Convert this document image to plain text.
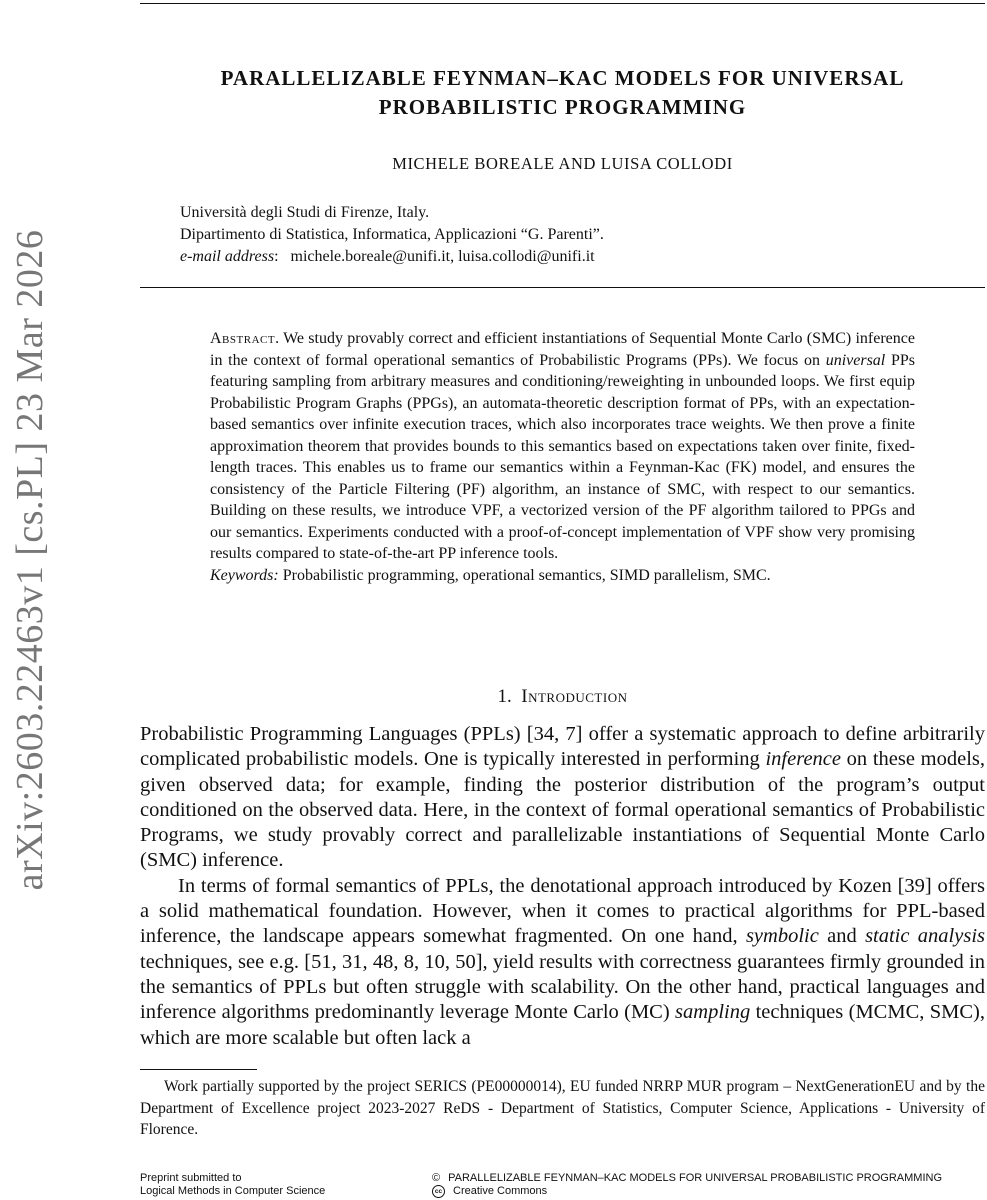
arXiv:2603.22463v1 [cs.PL] 23 Mar 2026
PARALLELIZABLE FEYNMAN–KAC MODELS FOR UNIVERSAL
PROBABILISTIC PROGRAMMING
MICHELE BOREALE AND LUISA COLLODI
Università degli Studi di Firenze, Italy.
Dipartimento di Statistica, Informatica, Applicazioni “G. Parenti”.
e-mail address:   michele.boreale@unifi.it, luisa.collodi@unifi.it
Abstract. We study provably correct and efficient instantiations of Sequential Monte Carlo (SMC) inference in the context of formal operational semantics of Probabilistic Programs (PPs). We focus on universal PPs featuring sampling from arbitrary measures and conditioning/reweighting in unbounded loops. We first equip Probabilistic Program Graphs (PPGs), an automata-theoretic description format of PPs, with an expectation-based semantics over infinite execution traces, which also incorporates trace weights. We then prove a finite approximation theorem that provides bounds to this semantics based on expectations taken over finite, fixed-length traces. This enables us to frame our semantics within a Feynman-Kac (FK) model, and ensures the consistency of the Particle Filtering (PF) algorithm, an instance of SMC, with respect to our semantics. Building on these results, we introduce VPF, a vectorized version of the PF algorithm tailored to PPGs and our semantics. Experiments conducted with a proof-of-concept implementation of VPF show very promising results compared to state-of-the-art PP inference tools.
Keywords: Probabilistic programming, operational semantics, SIMD parallelism, SMC.
1. Introduction

Probabilistic Programming Languages (PPLs) [34, 7] offer a systematic approach to define arbitrarily complicated probabilistic models. One is typically interested in performing inference on these models, given observed data; for example, finding the posterior distribution of the program’s output conditioned on the observed data. Here, in the context of formal operational semantics of Probabilistic Programs, we study provably correct and parallelizable instantiations of Sequential Monte Carlo (SMC) inference.

In terms of formal semantics of PPLs, the denotational approach introduced by Kozen [39] offers a solid mathematical foundation. However, when it comes to practical algorithms for PPL-based inference, the landscape appears somewhat fragmented. On one hand, symbolic and static analysis techniques, see e.g. [51, 31, 48, 8, 10, 50], yield results with correctness guarantees firmly grounded in the semantics of PPLs but often struggle with scalability. On the other hand, practical languages and inference algorithms predominantly leverage Monte Carlo (MC) sampling techniques (MCMC, SMC), which are more scalable but often lack a

Work partially supported by the project SERICS (PE00000014), EU funded NRRP MUR program – NextGenerationEU and by the Department of Excellence project 2023-2027 ReDS - Department of Statistics, Computer Science, Applications - University of Florence.
Preprint submitted to
Logical Methods in Computer Science
© PARALLELIZABLE FEYNMAN–KAC MODELS FOR UNIVERSAL PROBABILISTIC PROGRAMMING
cc Creative Commons
